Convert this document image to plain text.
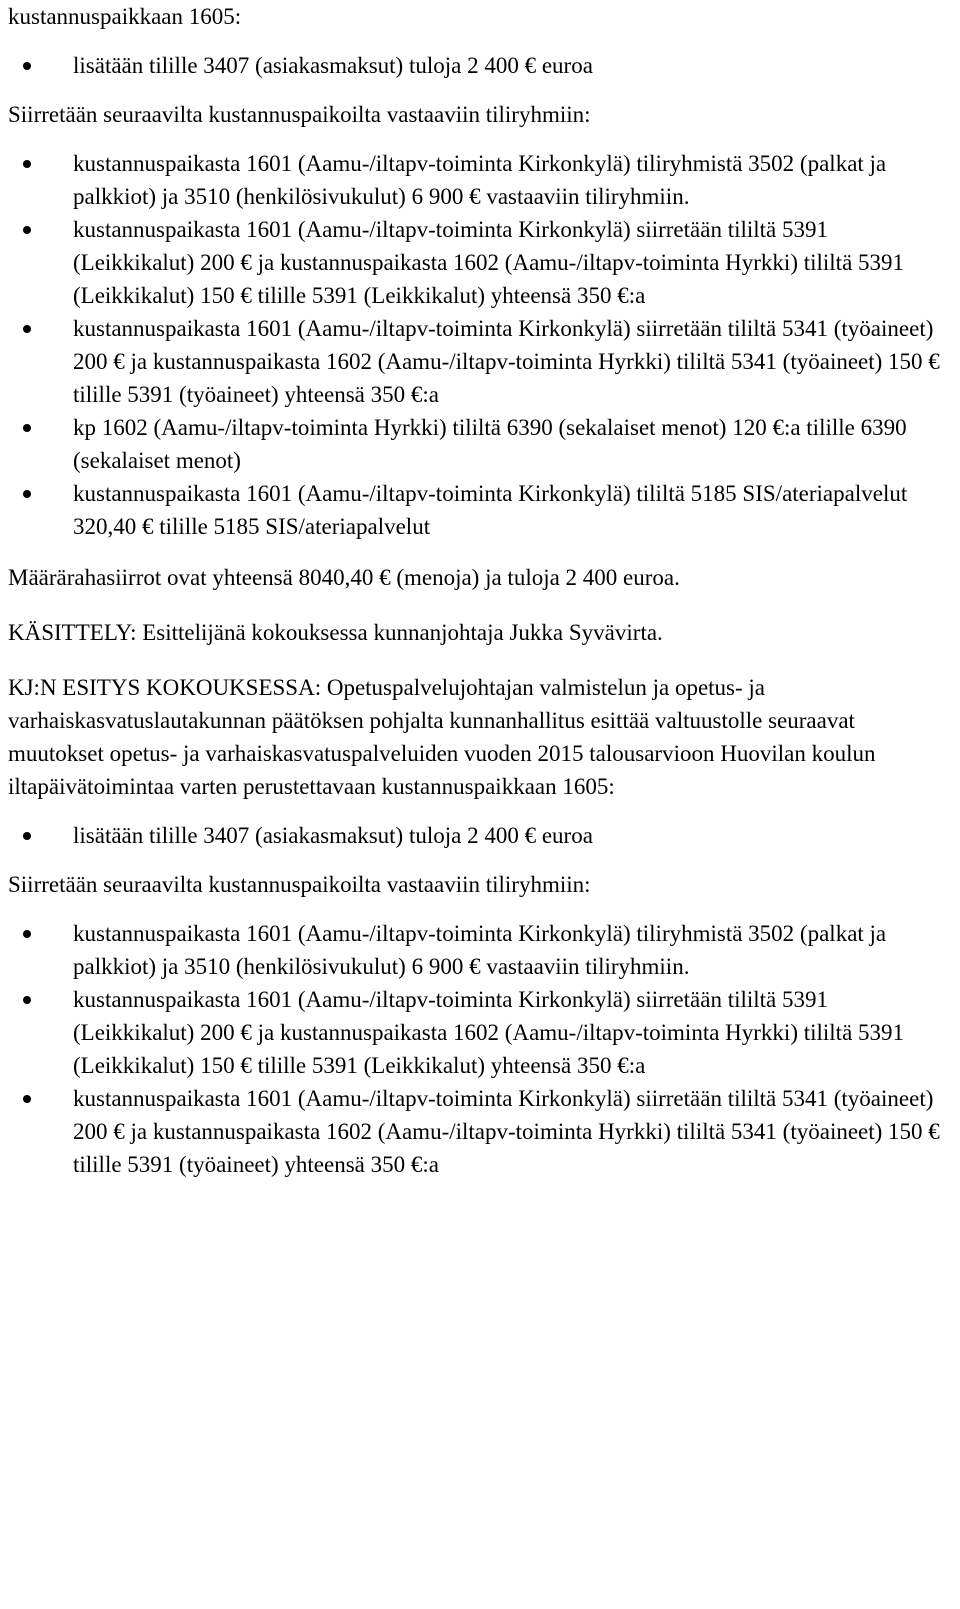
kustannuspaikkaan 1605:

lisätään tilille 3407 (asiakasmaksut) tuloja 2 400 € euroa

Siirretään seuraavilta kustannuspaikoilta vastaaviin tiliryhmiin:

kustannuspaikasta 1601 (Aamu-/iltapv-toiminta Kirkonkylä) tiliryhmistä 3502 (palkat ja palkkiot) ja 3510 (henkilösivukulut) 6 900 € vastaaviin tiliryhmiin.
kustannuspaikasta 1601 (Aamu-/iltapv-toiminta Kirkonkylä) siirretään tililtä 5391 (Leikkikalut) 200 € ja kustannuspaikasta 1602 (Aamu-/iltapv-toiminta Hyrkki) tililtä 5391 (Leikkikalut) 150 € tilille 5391 (Leikkikalut) yhteensä 350 €:a
kustannuspaikasta 1601 (Aamu-/iltapv-toiminta Kirkonkylä) siirretään tililtä 5341 (työaineet) 200 € ja kustannuspaikasta 1602 (Aamu-/iltapv-toiminta Hyrkki) tililtä 5341 (työaineet) 150 € tilille 5391 (työaineet) yhteensä 350 €:a
kp 1602 (Aamu-/iltapv-toiminta Hyrkki) tililtä 6390 (sekalaiset menot) 120 €:a tilille 6390 (sekalaiset menot)
kustannuspaikasta 1601 (Aamu-/iltapv-toiminta Kirkonkylä) tililtä 5185 SIS/ateriapalvelut 320,40 € tilille 5185 SIS/ateriapalvelut

Määrärahasiirrot ovat yhteensä 8040,40 € (menoja) ja tuloja 2 400 euroa.

KÄSITTELY: Esittelijänä kokouksessa kunnanjohtaja Jukka Syvävirta.

KJ:N ESITYS KOKOUKSESSA: Opetuspalvelujohtajan valmistelun ja opetus- ja varhaiskasvatuslautakunnan päätöksen pohjalta kunnanhallitus esittää valtuustolle seuraavat muutokset opetus- ja varhaiskasvatuspalveluiden vuoden 2015 talousarvioon Huovilan koulun iltapäivätoimintaa varten perustettavaan kustannuspaikkaan 1605:

lisätään tilille 3407 (asiakasmaksut) tuloja 2 400 € euroa

Siirretään seuraavilta kustannuspaikoilta vastaaviin tiliryhmiin:

kustannuspaikasta 1601 (Aamu-/iltapv-toiminta Kirkonkylä) tiliryhmistä 3502 (palkat ja palkkiot) ja 3510 (henkilösivukulut) 6 900 € vastaaviin tiliryhmiin.
kustannuspaikasta 1601 (Aamu-/iltapv-toiminta Kirkonkylä) siirretään tililtä 5391 (Leikkikalut) 200 € ja kustannuspaikasta 1602 (Aamu-/iltapv-toiminta Hyrkki) tililtä 5391 (Leikkikalut) 150 € tilille 5391 (Leikkikalut) yhteensä 350 €:a
kustannuspaikasta 1601 (Aamu-/iltapv-toiminta Kirkonkylä) siirretään tililtä 5341 (työaineet) 200 € ja kustannuspaikasta 1602 (Aamu-/iltapv-toiminta Hyrkki) tililtä 5341 (työaineet) 150 € tilille 5391 (työaineet) yhteensä 350 €:a
